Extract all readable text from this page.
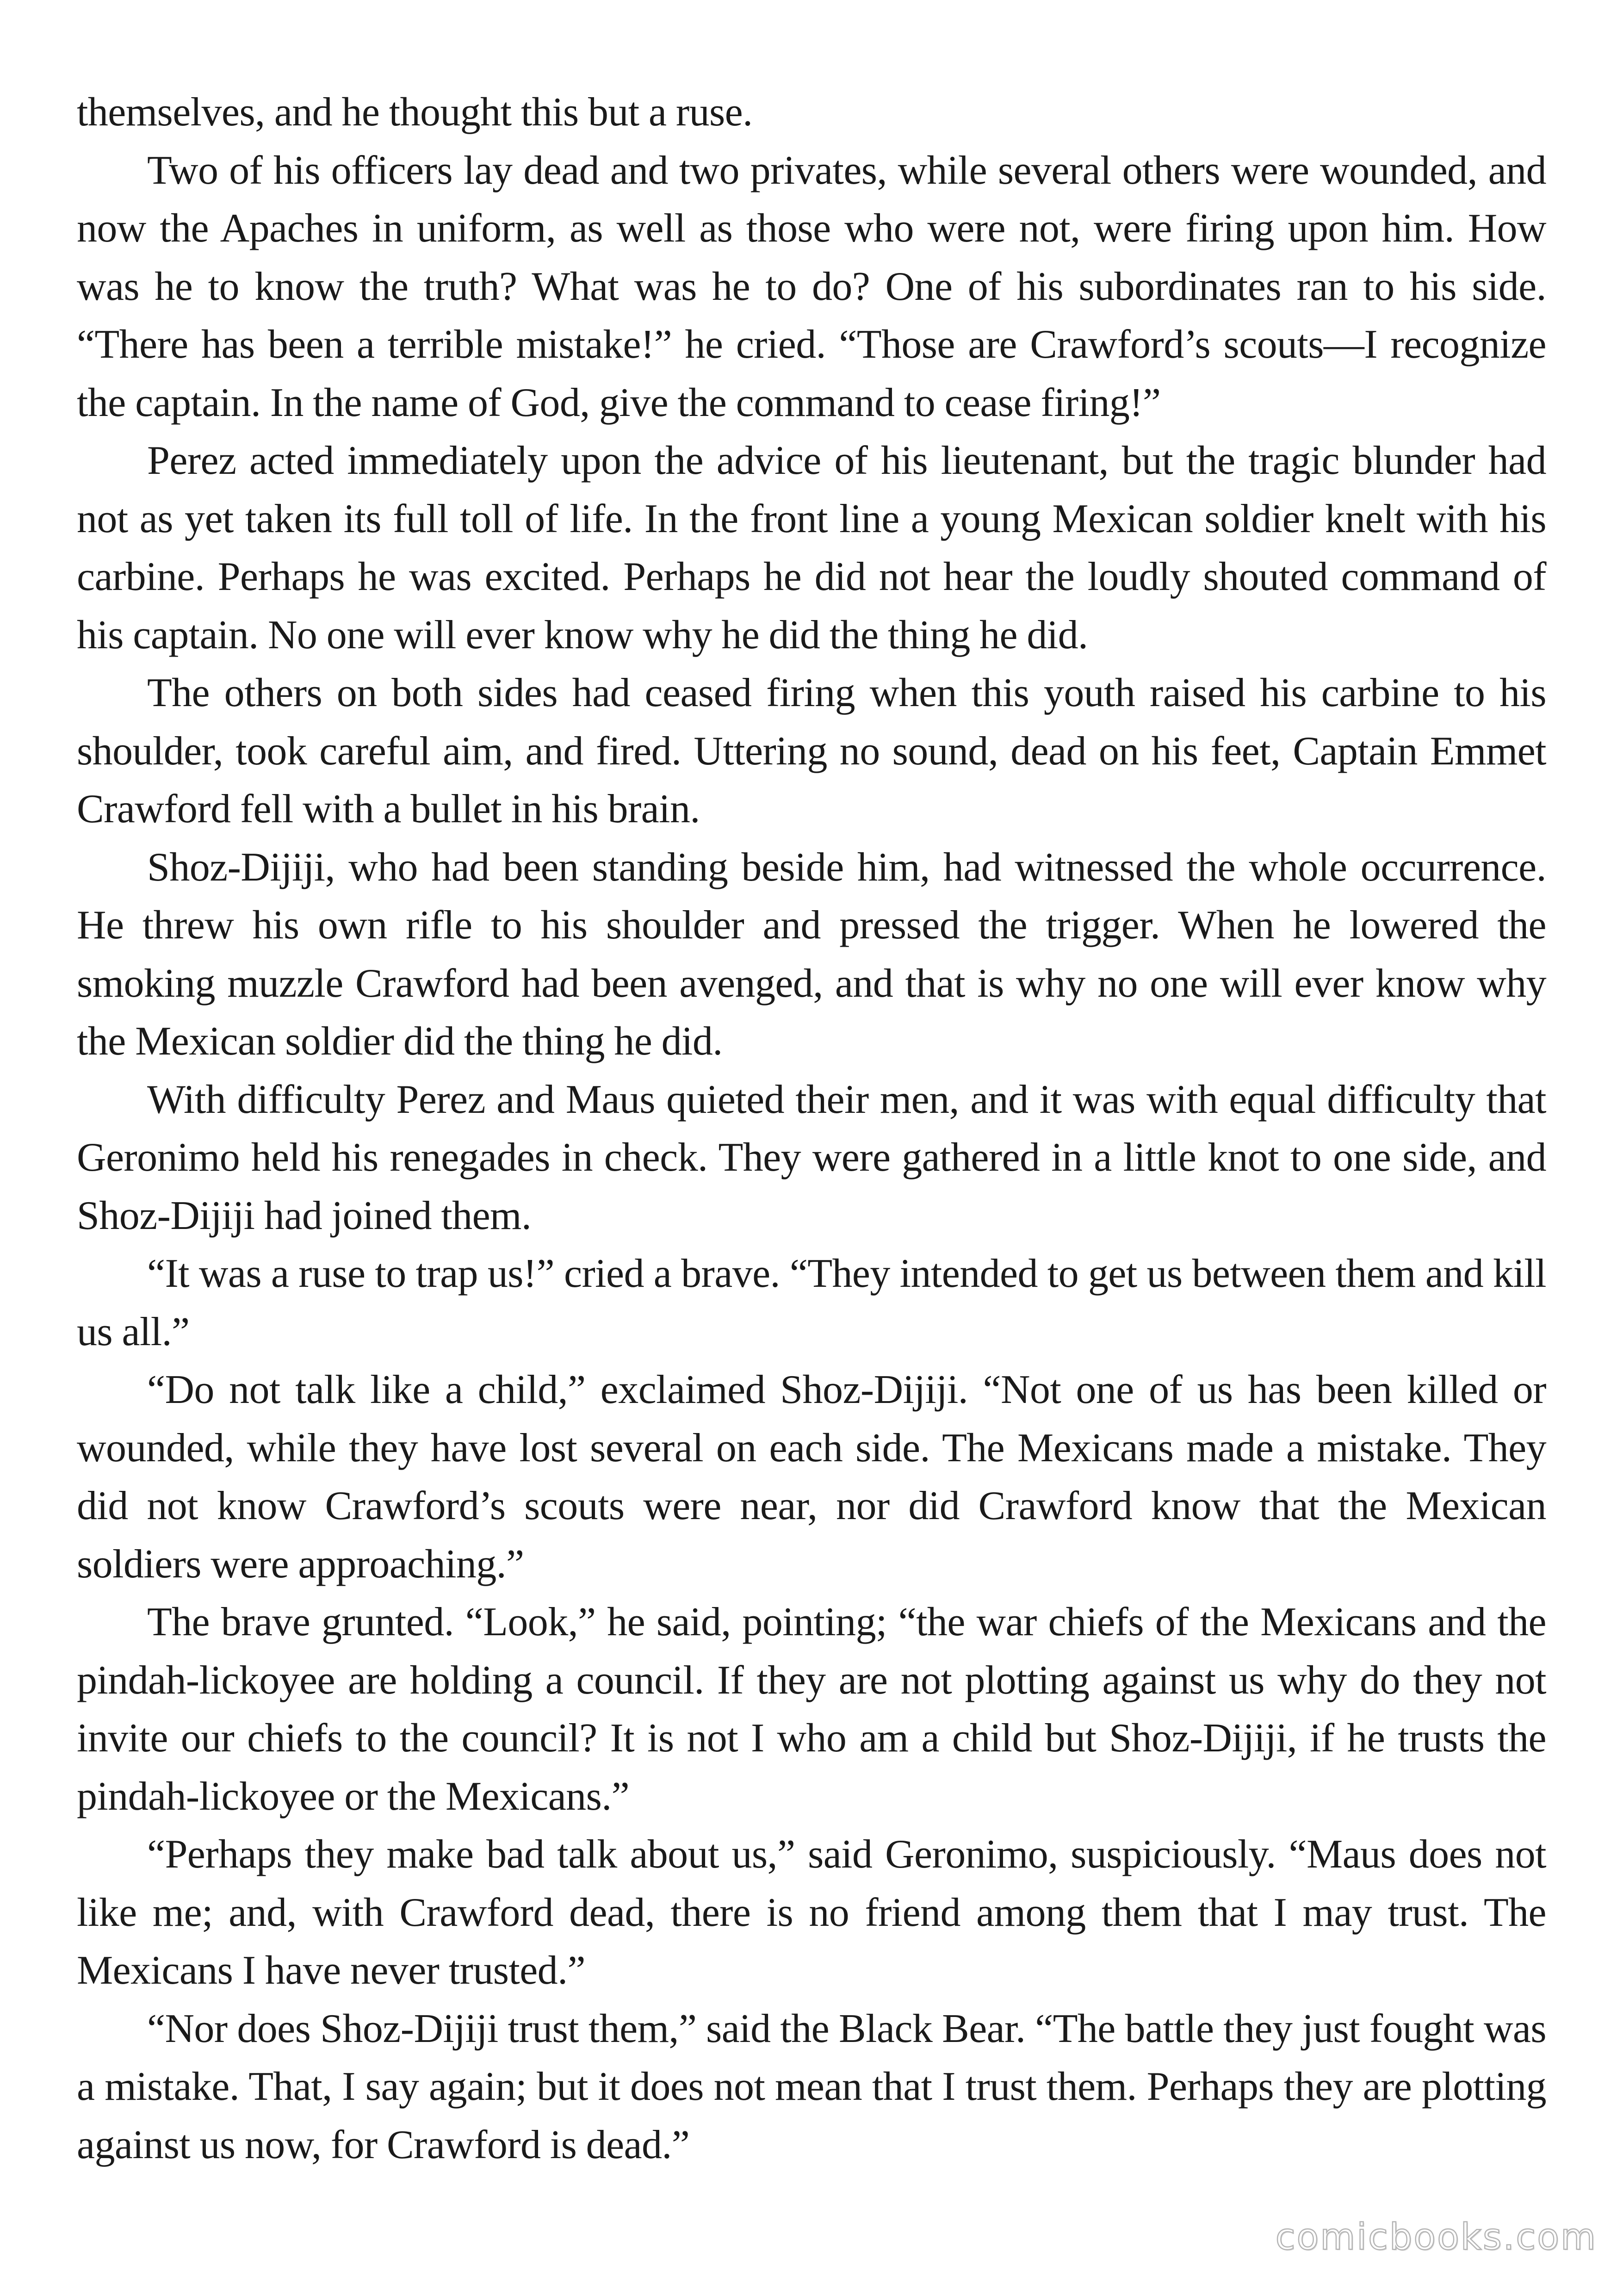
themselves, and he thought this but a ruse.

Two of his officers lay dead and two privates, while several others were wounded, and now the Apaches in uniform, as well as those who were not, were firing upon him. How was he to know the truth? What was he to do? One of his subordinates ran to his side. “There has been a terrible mistake!” he cried. “Those are Crawford’s scouts—I recognize the captain. In the name of God, give the command to cease firing!”

Perez acted immediately upon the advice of his lieutenant, but the tragic blunder had not as yet taken its full toll of life. In the front line a young Mexican soldier knelt with his carbine. Perhaps he was excited. Perhaps he did not hear the loudly shouted command of his captain. No one will ever know why he did the thing he did.

The others on both sides had ceased firing when this youth raised his carbine to his shoulder, took careful aim, and fired. Uttering no sound, dead on his feet, Captain Emmet Crawford fell with a bullet in his brain.

Shoz-Dijiji, who had been standing beside him, had witnessed the whole occurrence. He threw his own rifle to his shoulder and pressed the trigger. When he lowered the smoking muzzle Crawford had been avenged, and that is why no one will ever know why the Mexican soldier did the thing he did.

With difficulty Perez and Maus quieted their men, and it was with equal difficulty that Geronimo held his renegades in check. They were gathered in a little knot to one side, and Shoz-Dijiji had joined them.

“It was a ruse to trap us!” cried a brave. “They intended to get us between them and kill us all.”

“Do not talk like a child,” exclaimed Shoz-Dijiji. “Not one of us has been killed or wounded, while they have lost several on each side. The Mexicans made a mistake. They did not know Crawford’s scouts were near, nor did Crawford know that the Mexican soldiers were approaching.”

The brave grunted. “Look,” he said, pointing; “the war chiefs of the Mexicans and the pindah-lickoyee are holding a council. If they are not plotting against us why do they not invite our chiefs to the council? It is not I who am a child but Shoz-Dijiji, if he trusts the pindah-lickoyee or the Mexicans.”

“Perhaps they make bad talk about us,” said Geronimo, suspiciously. “Maus does not like me; and, with Crawford dead, there is no friend among them that I may trust. The Mexicans I have never trusted.”

“Nor does Shoz-Dijiji trust them,” said the Black Bear. “The battle they just fought was a mistake. That, I say again; but it does not mean that I trust them. Perhaps they are plotting against us now, for Crawford is dead.”

comicbooks.com
